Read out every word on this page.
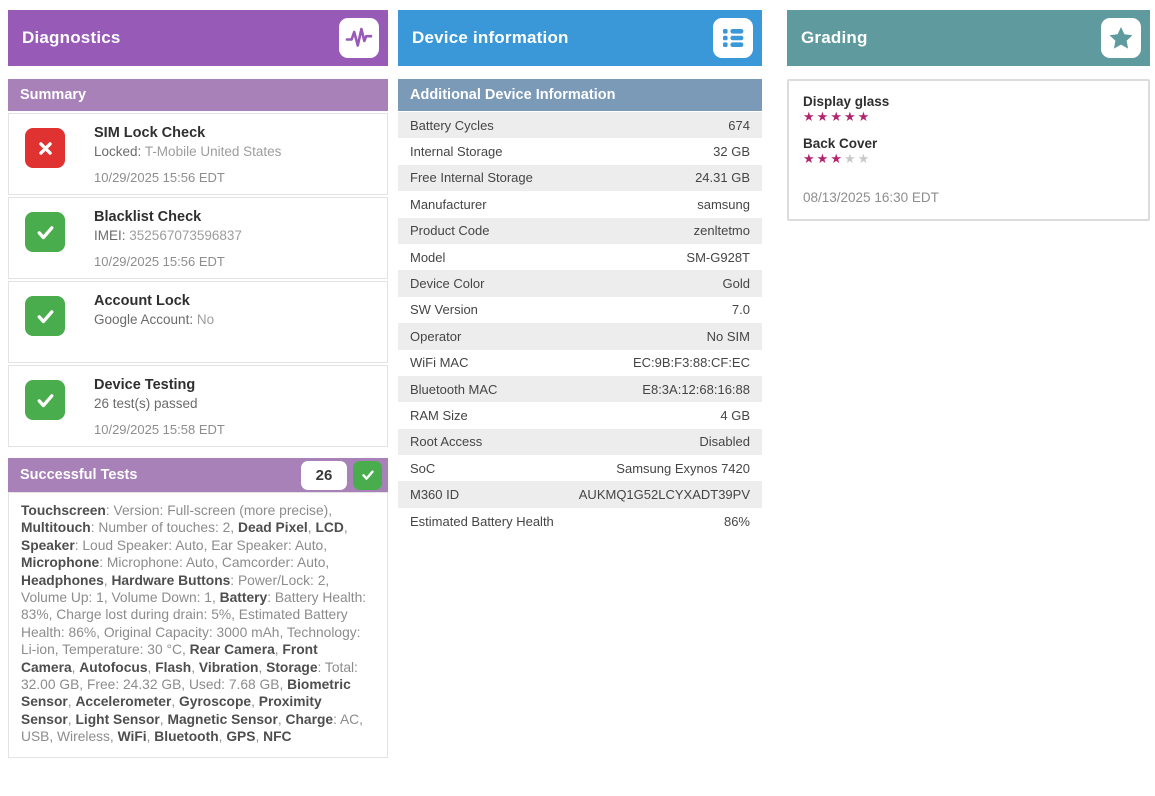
Diagnostics
Summary
SIM Lock Check
Locked: T-Mobile United States
10/29/2025 15:56 EDT
Blacklist Check
IMEI: 352567073596837
10/29/2025 15:56 EDT
Account Lock
Google Account: No
Device Testing
26 test(s) passed
10/29/2025 15:58 EDT
Successful Tests	26
Touchscreen: Version: Full-screen (more precise), Multitouch: Number of touches: 2, Dead Pixel, LCD, Speaker: Loud Speaker: Auto, Ear Speaker: Auto, Microphone: Microphone: Auto, Camcorder: Auto, Headphones, Hardware Buttons: Power/Lock: 2, Volume Up: 1, Volume Down: 1, Battery: Battery Health: 83%, Charge lost during drain: 5%, Estimated Battery Health: 86%, Original Capacity: 3000 mAh, Technology: Li-ion, Temperature: 30 °C, Rear Camera, Front Camera, Autofocus, Flash, Vibration, Storage: Total: 32.00 GB, Free: 24.32 GB, Used: 7.68 GB, Biometric Sensor, Accelerometer, Gyroscope, Proximity Sensor, Light Sensor, Magnetic Sensor, Charge: AC, USB, Wireless, WiFi, Bluetooth, GPS, NFC
Device information
Additional Device Information
Battery Cycles	674
Internal Storage	32 GB
Free Internal Storage	24.31 GB
Manufacturer	samsung
Product Code	zenltetmo
Model	SM-G928T
Device Color	Gold
SW Version	7.0
Operator	No SIM
WiFi MAC	EC:9B:F3:88:CF:EC
Bluetooth MAC	E8:3A:12:68:16:88
RAM Size	4 GB
Root Access	Disabled
SoC	Samsung Exynos 7420
M360 ID	AUKMQ1G52LCYXADT39PV
Estimated Battery Health	86%
Grading
Display glass
★★★★★
Back Cover
★★★★★
08/13/2025 16:30 EDT
